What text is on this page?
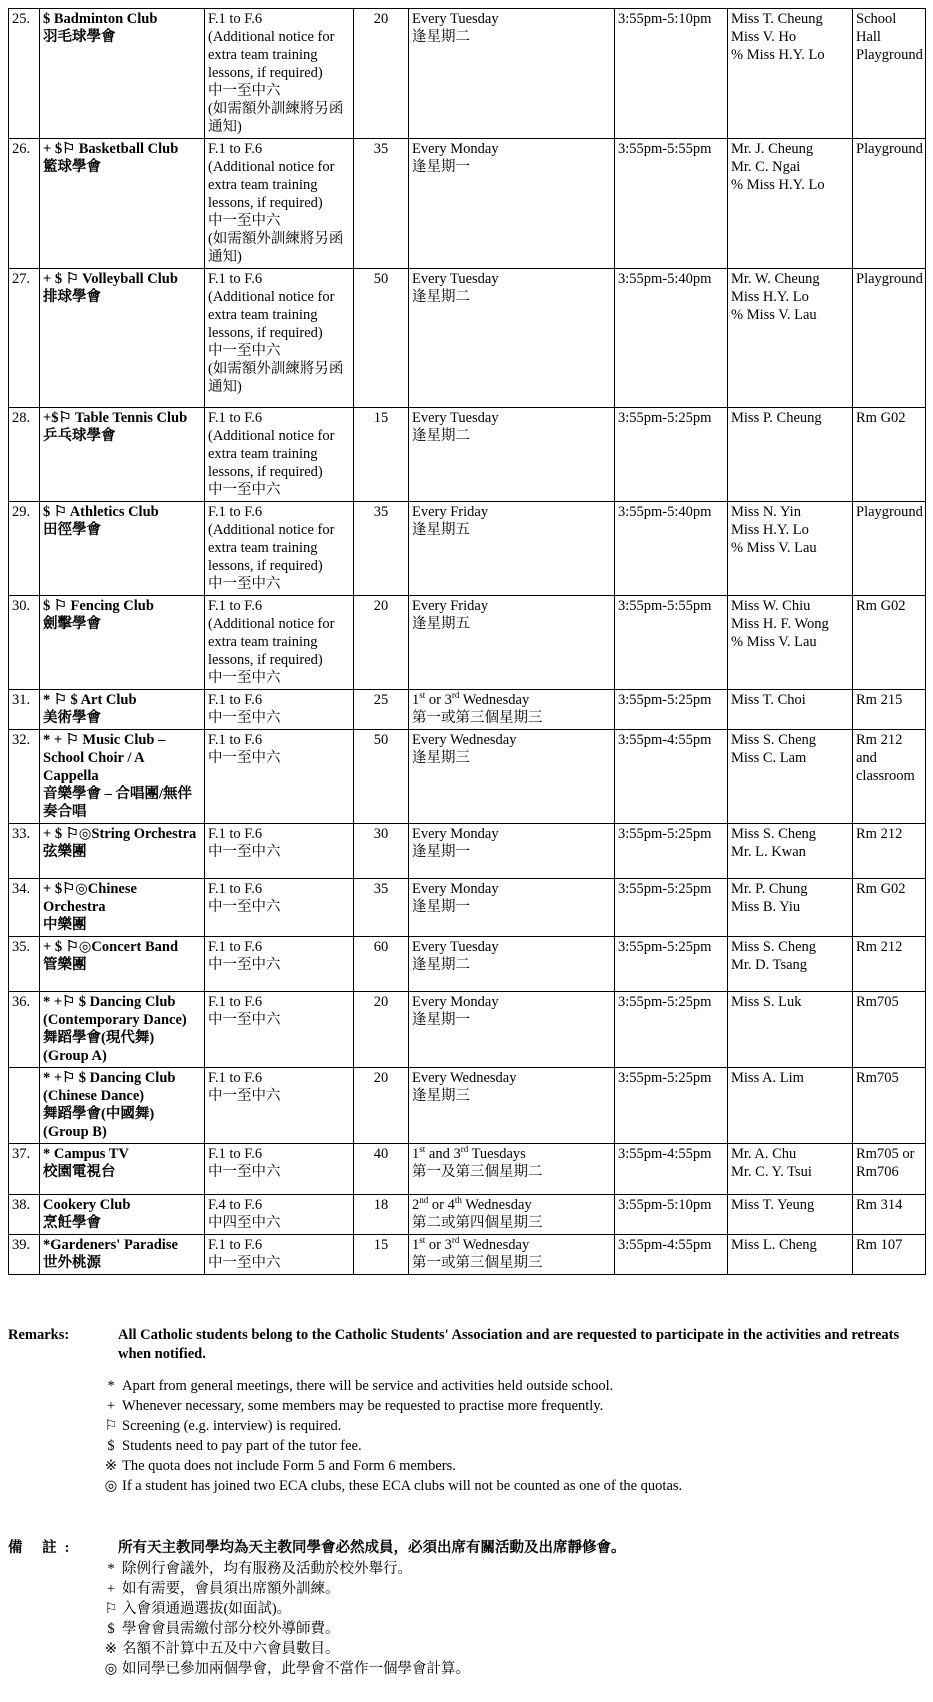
25.	$ Badminton Club
羽毛球學會	F.1 to F.6
(Additional notice for extra team training lessons, if required)
中一至中六
(如需額外訓練將另函通知)	20	Every Tuesday
逢星期二	3:55pm-5:10pm	Miss T. Cheung
Miss V. Ho
% Miss H.Y. Lo	School Hall Playground
26.	+ $⚐ Basketball Club
籃球學會	F.1 to F.6
(Additional notice for extra team training lessons, if required)
中一至中六
(如需額外訓練將另函通知)	35	Every Monday
逢星期一	3:55pm-5:55pm	Mr. J. Cheung
Mr. C. Ngai
% Miss H.Y. Lo	Playground
27.	+ $ ⚐ Volleyball Club
排球學會	F.1 to F.6
(Additional notice for extra team training lessons, if required)
中一至中六
(如需額外訓練將另函通知)	50	Every Tuesday
逢星期二	3:55pm-5:40pm	Mr. W. Cheung
Miss H.Y. Lo
% Miss V. Lau	Playground
28.	+$⚐ Table Tennis Club
乒乓球學會	F.1 to F.6
(Additional notice for extra team training lessons, if required)
中一至中六	15	Every Tuesday
逢星期二	3:55pm-5:25pm	Miss P. Cheung	Rm G02
29.	$ ⚐ Athletics Club
田徑學會	F.1 to F.6
(Additional notice for extra team training lessons, if required)
中一至中六	35	Every Friday
逢星期五	3:55pm-5:40pm	Miss N. Yin
Miss H.Y. Lo
% Miss V. Lau	Playground
30.	$ ⚐ Fencing Club
劍擊學會	F.1 to F.6
(Additional notice for extra team training lessons, if required)
中一至中六	20	Every Friday
逢星期五	3:55pm-5:55pm	Miss W. Chiu
Miss H. F. Wong
% Miss V. Lau	Rm G02
31.	* ⚐ $ Art Club
美術學會	F.1 to F.6
中一至中六	25	1st or 3rd Wednesday
第一或第三個星期三	3:55pm-5:25pm	Miss T. Choi	Rm 215
32.	* + ⚐ Music Club – School Choir / A Cappella
音樂學會 – 合唱團/無伴奏合唱	F.1 to F.6
中一至中六	50	Every Wednesday
逢星期三	3:55pm-4:55pm	Miss S. Cheng
Miss C. Lam	Rm 212 and classroom
33.	+ $ ⚐◎String Orchestra
弦樂團	F.1 to F.6
中一至中六	30	Every Monday
逢星期一	3:55pm-5:25pm	Miss S. Cheng
Mr. L. Kwan	Rm 212
34.	+ $⚐◎Chinese Orchestra
中樂團	F.1 to F.6
中一至中六	35	Every Monday
逢星期一	3:55pm-5:25pm	Mr. P. Chung
Miss B. Yiu	Rm G02
35.	+ $ ⚐◎Concert Band
管樂團	F.1 to F.6
中一至中六	60	Every Tuesday
逢星期二	3:55pm-5:25pm	Miss S. Cheng
Mr. D. Tsang	Rm 212
36.	* +⚐ $ Dancing Club (Contemporary Dance)
舞蹈學會(現代舞)
(Group A)	F.1 to F.6
中一至中六	20	Every Monday
逢星期一	3:55pm-5:25pm	Miss S. Luk	Rm705

	* +⚐ $ Dancing Club (Chinese Dance)
舞蹈學會(中國舞)
(Group B)	F.1 to F.6
中一至中六	20	Every Wednesday
逢星期三	3:55pm-5:25pm	Miss A. Lim	Rm705
37.	* Campus TV
校園電視台	F.1 to F.6
中一至中六	40	1st and 3rd Tuesdays
第一及第三個星期二	3:55pm-4:55pm	Mr. A. Chu
Mr. C. Y. Tsui	Rm705 or Rm706
38.	Cookery Club
烹飪學會	F.4 to F.6
中四至中六	18	2nd or 4th Wednesday
第二或第四個星期三	3:55pm-5:10pm	Miss T. Yeung	Rm 314
39.	*Gardeners' Paradise
世外桃源	F.1 to F.6
中一至中六	15	1st or 3rd Wednesday
第一或第三個星期三	3:55pm-4:55pm	Miss L. Cheng	Rm 107
Remarks:	All Catholic students belong to the Catholic Students' Association and are requested to participate in the activities and retreats when notified.
* Apart from general meetings, there will be service and activities held outside school.
+ Whenever necessary, some members may be requested to practise more frequently.
⚐ Screening (e.g. interview) is required.
$ Students need to pay part of the tutor fee.
※ The quota does not include Form 5 and Form 6 members.
◎ If a student has joined two ECA clubs, these ECA clubs will not be counted as one of the quotas.
備 註:	所有天主教同學均為天主教同學會必然成員，必須出席有關活動及出席靜修會。
* 除例行會議外，均有服務及活動於校外舉行。
+ 如有需要，會員須出席額外訓練。
⚐ 入會須通過選拔(如面試)。
$ 學會會員需繳付部分校外導師費。
※ 名額不計算中五及中六會員數目。
◎ 如同學已參加兩個學會，此學會不當作一個學會計算。
